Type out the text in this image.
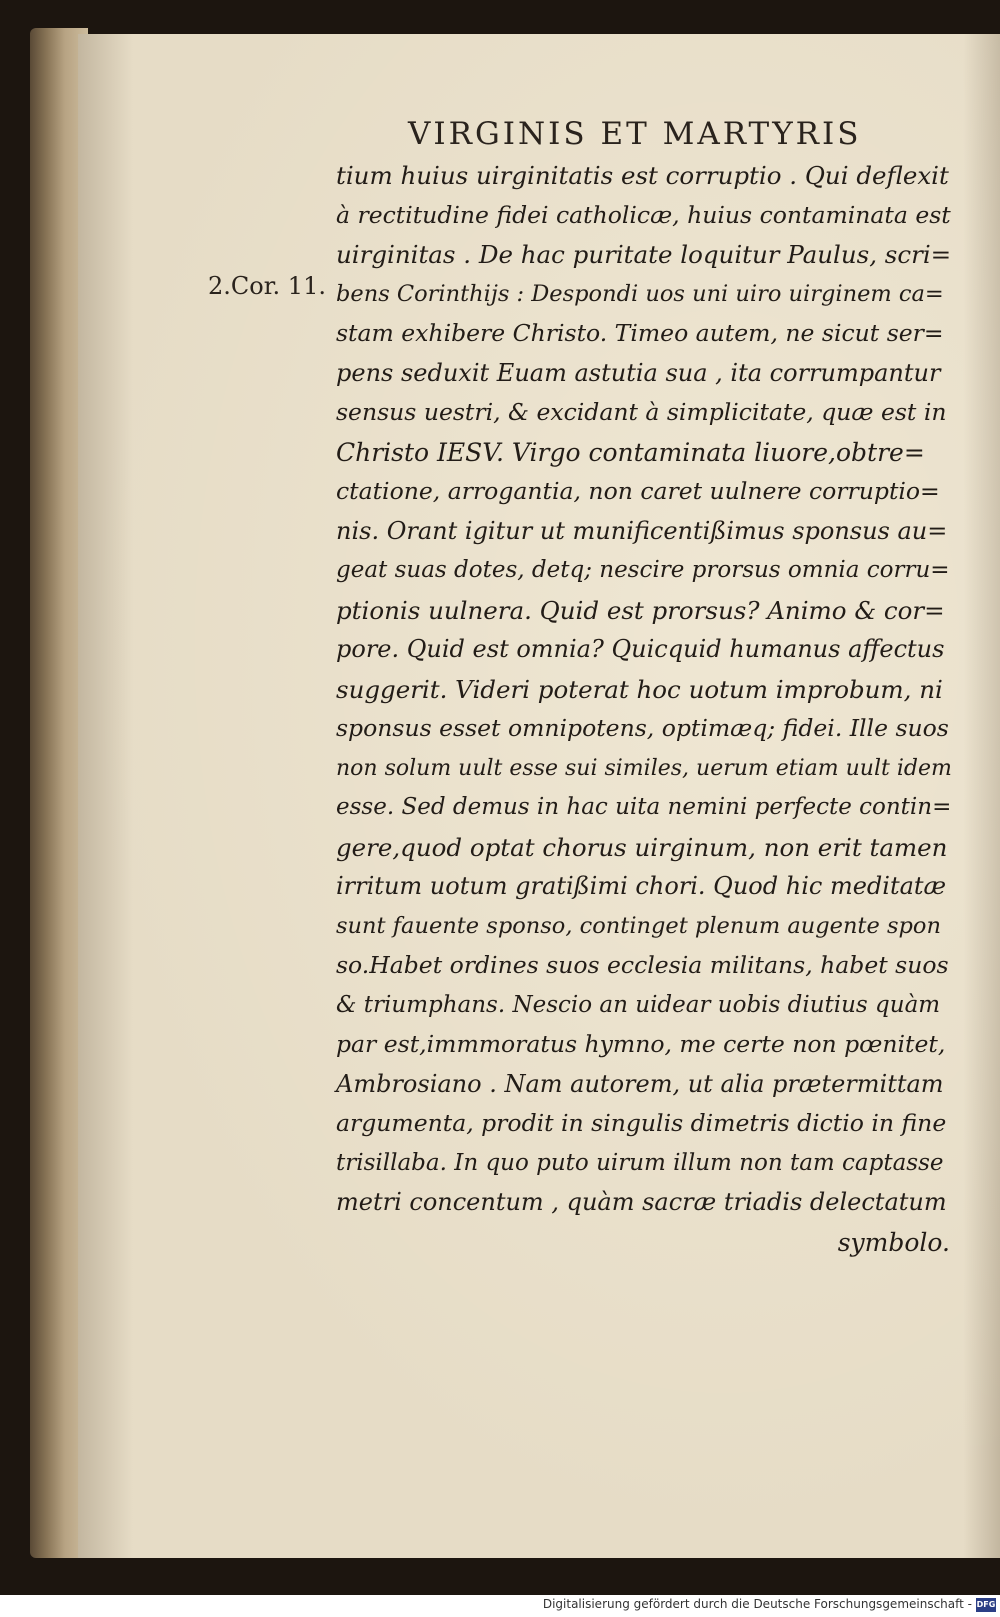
VIRGINIS ET MARTYRIS
2.Cor. 11.
tium huius uirginitatis est corruptio . Qui deflexit
à rectitudine fidei catholicæ, huius contaminata est
uirginitas . De hac puritate loquitur Paulus, scri=
bens Corinthijs : Despondi uos uni uiro uirginem ca=
stam exhibere Christo. Timeo autem, ne sicut ser=
pens seduxit Euam astutia sua , ita corrumpantur
sensus uestri, & excidant à simplicitate, quæ est in
Christo IESV. Virgo contaminata liuore,obtre=
ctatione, arrogantia, non caret uulnere corruptio=
nis. Orant igitur ut munificentißimus sponsus au=
geat suas dotes, detq; nescire prorsus omnia corru=
ptionis uulnera. Quid est prorsus? Animo & cor=
pore. Quid est omnia? Quicquid humanus affectus
suggerit. Videri poterat hoc uotum improbum, ni
sponsus esset omnipotens, optimæq; fidei. Ille suos
non solum uult esse sui similes, uerum etiam uult idem
esse. Sed demus in hac uita nemini perfecte contin=
gere,quod optat chorus uirginum, non erit tamen
irritum uotum gratißimi chori. Quod hic meditatæ
sunt fauente sponso, continget plenum augente spon
so.Habet ordines suos ecclesia militans, habet suos
& triumphans. Nescio an uidear uobis diutius quàm
par est,immmoratus hymno, me certe non pœnitet,
Ambrosiano . Nam autorem, ut alia prætermittam
argumenta, prodit in singulis dimetris dictio in fine
trisillaba. In quo puto uirum illum non tam captasse
metri concentum , quàm sacræ triadis delectatum
symbolo.
Digitalisierung gefördert durch die Deutsche Forschungsgemeinschaft - DFG
